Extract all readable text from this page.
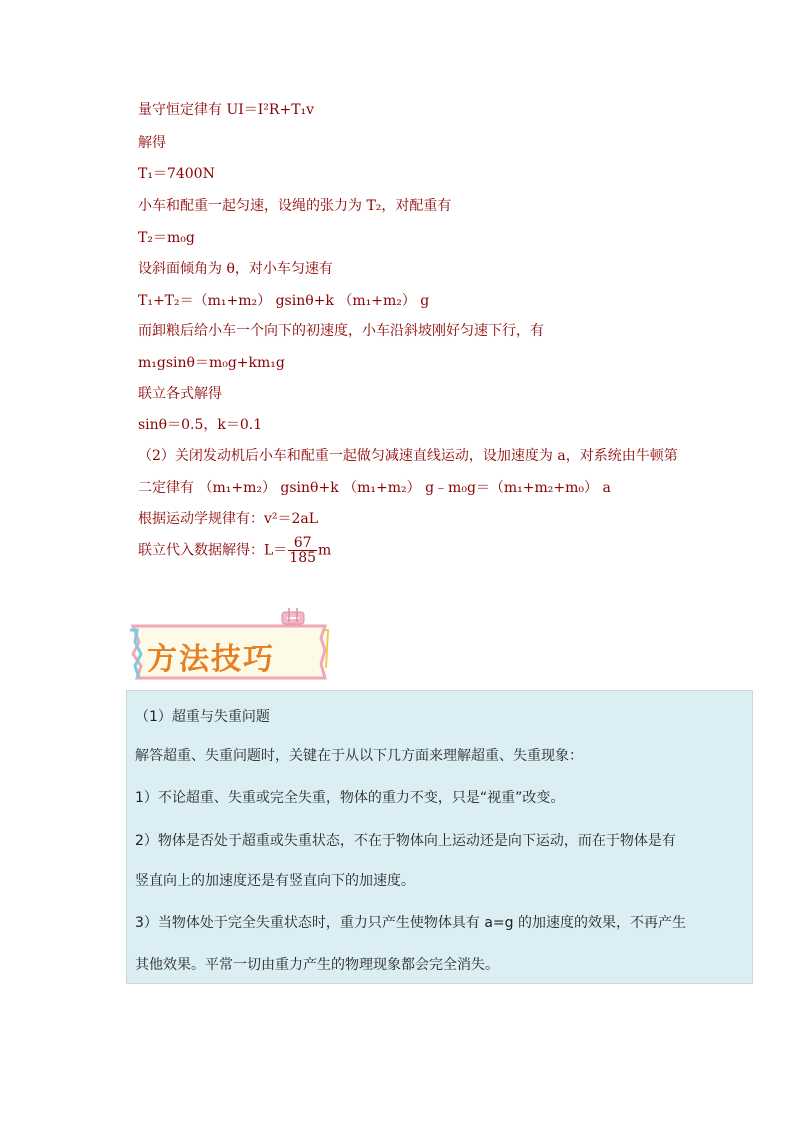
量守恒定律有 UI＝I²R+T₁v
解得
T₁＝7400N
小车和配重一起匀速，设绳的张力为 T₂，对配重有
T₂＝m₀g
设斜面倾角为 θ，对小车匀速有
T₁+T₂＝（m₁+m₂） gsinθ+k （m₁+m₂） g
而卸粮后给小车一个向下的初速度，小车沿斜坡刚好匀速下行，有
m₁gsinθ＝m₀g+km₁g
联立各式解得
sinθ＝0.5，k＝0.1
（2）关闭发动机后小车和配重一起做匀减速直线运动，设加速度为 a，对系统由牛顿第
二定律有 （m₁+m₂） gsinθ+k （m₁+m₂） g﹣m₀g＝（m₁+m₂+m₀） a
根据运动学规律有：v²＝2aL
联立代入数据解得：$L= \frac{67}{185}$ m
方法技巧
（1）超重与失重问题
解答超重、失重问题时，关键在于从以下几方面来理解超重、失重现象：
1）不论超重、失重或完全失重，物体的重力不变，只是“视重”改变。
2）物体是否处于超重或失重状态，不在于物体向上运动还是向下运动，而在于物体是有
竖直向上的加速度还是有竖直向下的加速度。
3）当物体处于完全失重状态时，重力只产生使物体具有 a=g 的加速度的效果，不再产生
其他效果。平常一切由重力产生的物理现象都会完全消失。
